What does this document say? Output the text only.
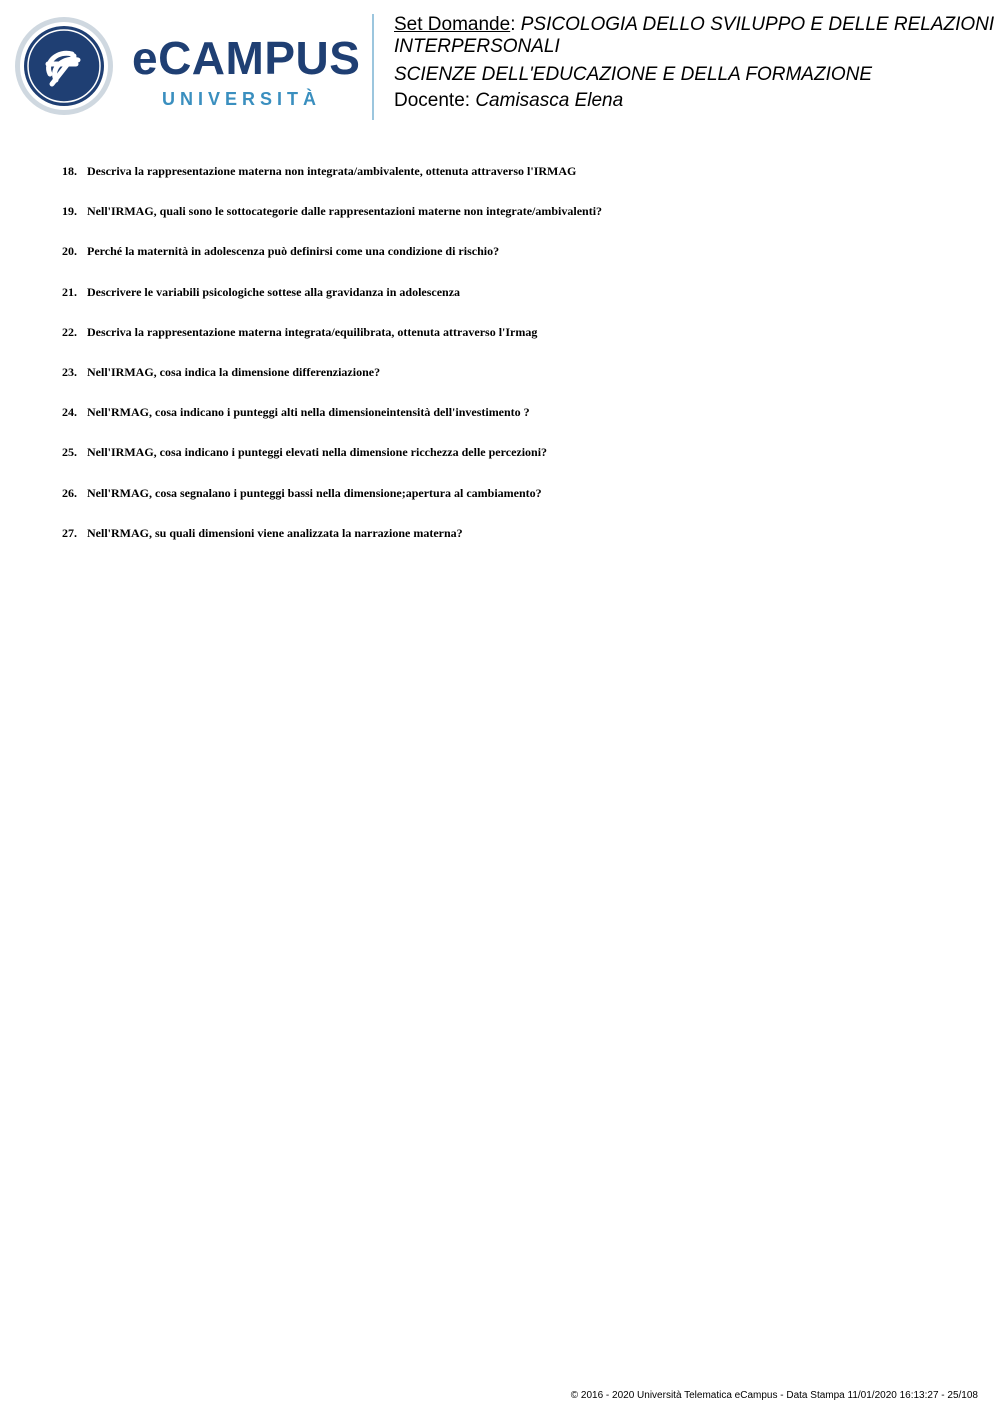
eCAMPUS
UNIVERSITÀ
Set Domande: PSICOLOGIA DELLO SVILUPPO E DELLE RELAZIONI
INTERPERSONALI
SCIENZE DELL'EDUCAZIONE E DELLA FORMAZIONE
Docente: Camisasca Elena
18. Descriva la rappresentazione materna non integrata/ambivalente, ottenuta attraverso l'IRMAG
19. Nell'IRMAG, quali sono le sottocategorie dalle rappresentazioni materne non integrate/ambivalenti?
20. Perché la maternità in adolescenza può definirsi come una condizione di rischio?
21. Descrivere le variabili psicologiche sottese alla gravidanza in adolescenza
22. Descriva la rappresentazione materna integrata/equilibrata, ottenuta attraverso l'Irmag
23. Nell'IRMAG, cosa indica la dimensione differenziazione?
24. Nell'RMAG, cosa indicano i punteggi alti nella dimensioneintensità dell'investimento ?
25. Nell'IRMAG, cosa indicano i punteggi elevati nella dimensione ricchezza delle percezioni?
26. Nell'RMAG, cosa segnalano i punteggi bassi nella dimensione;apertura al cambiamento?
27. Nell'RMAG, su quali dimensioni viene analizzata la narrazione materna?
© 2016 - 2020 Università Telematica eCampus - Data Stampa 11/01/2020 16:13:27 - 25/108
